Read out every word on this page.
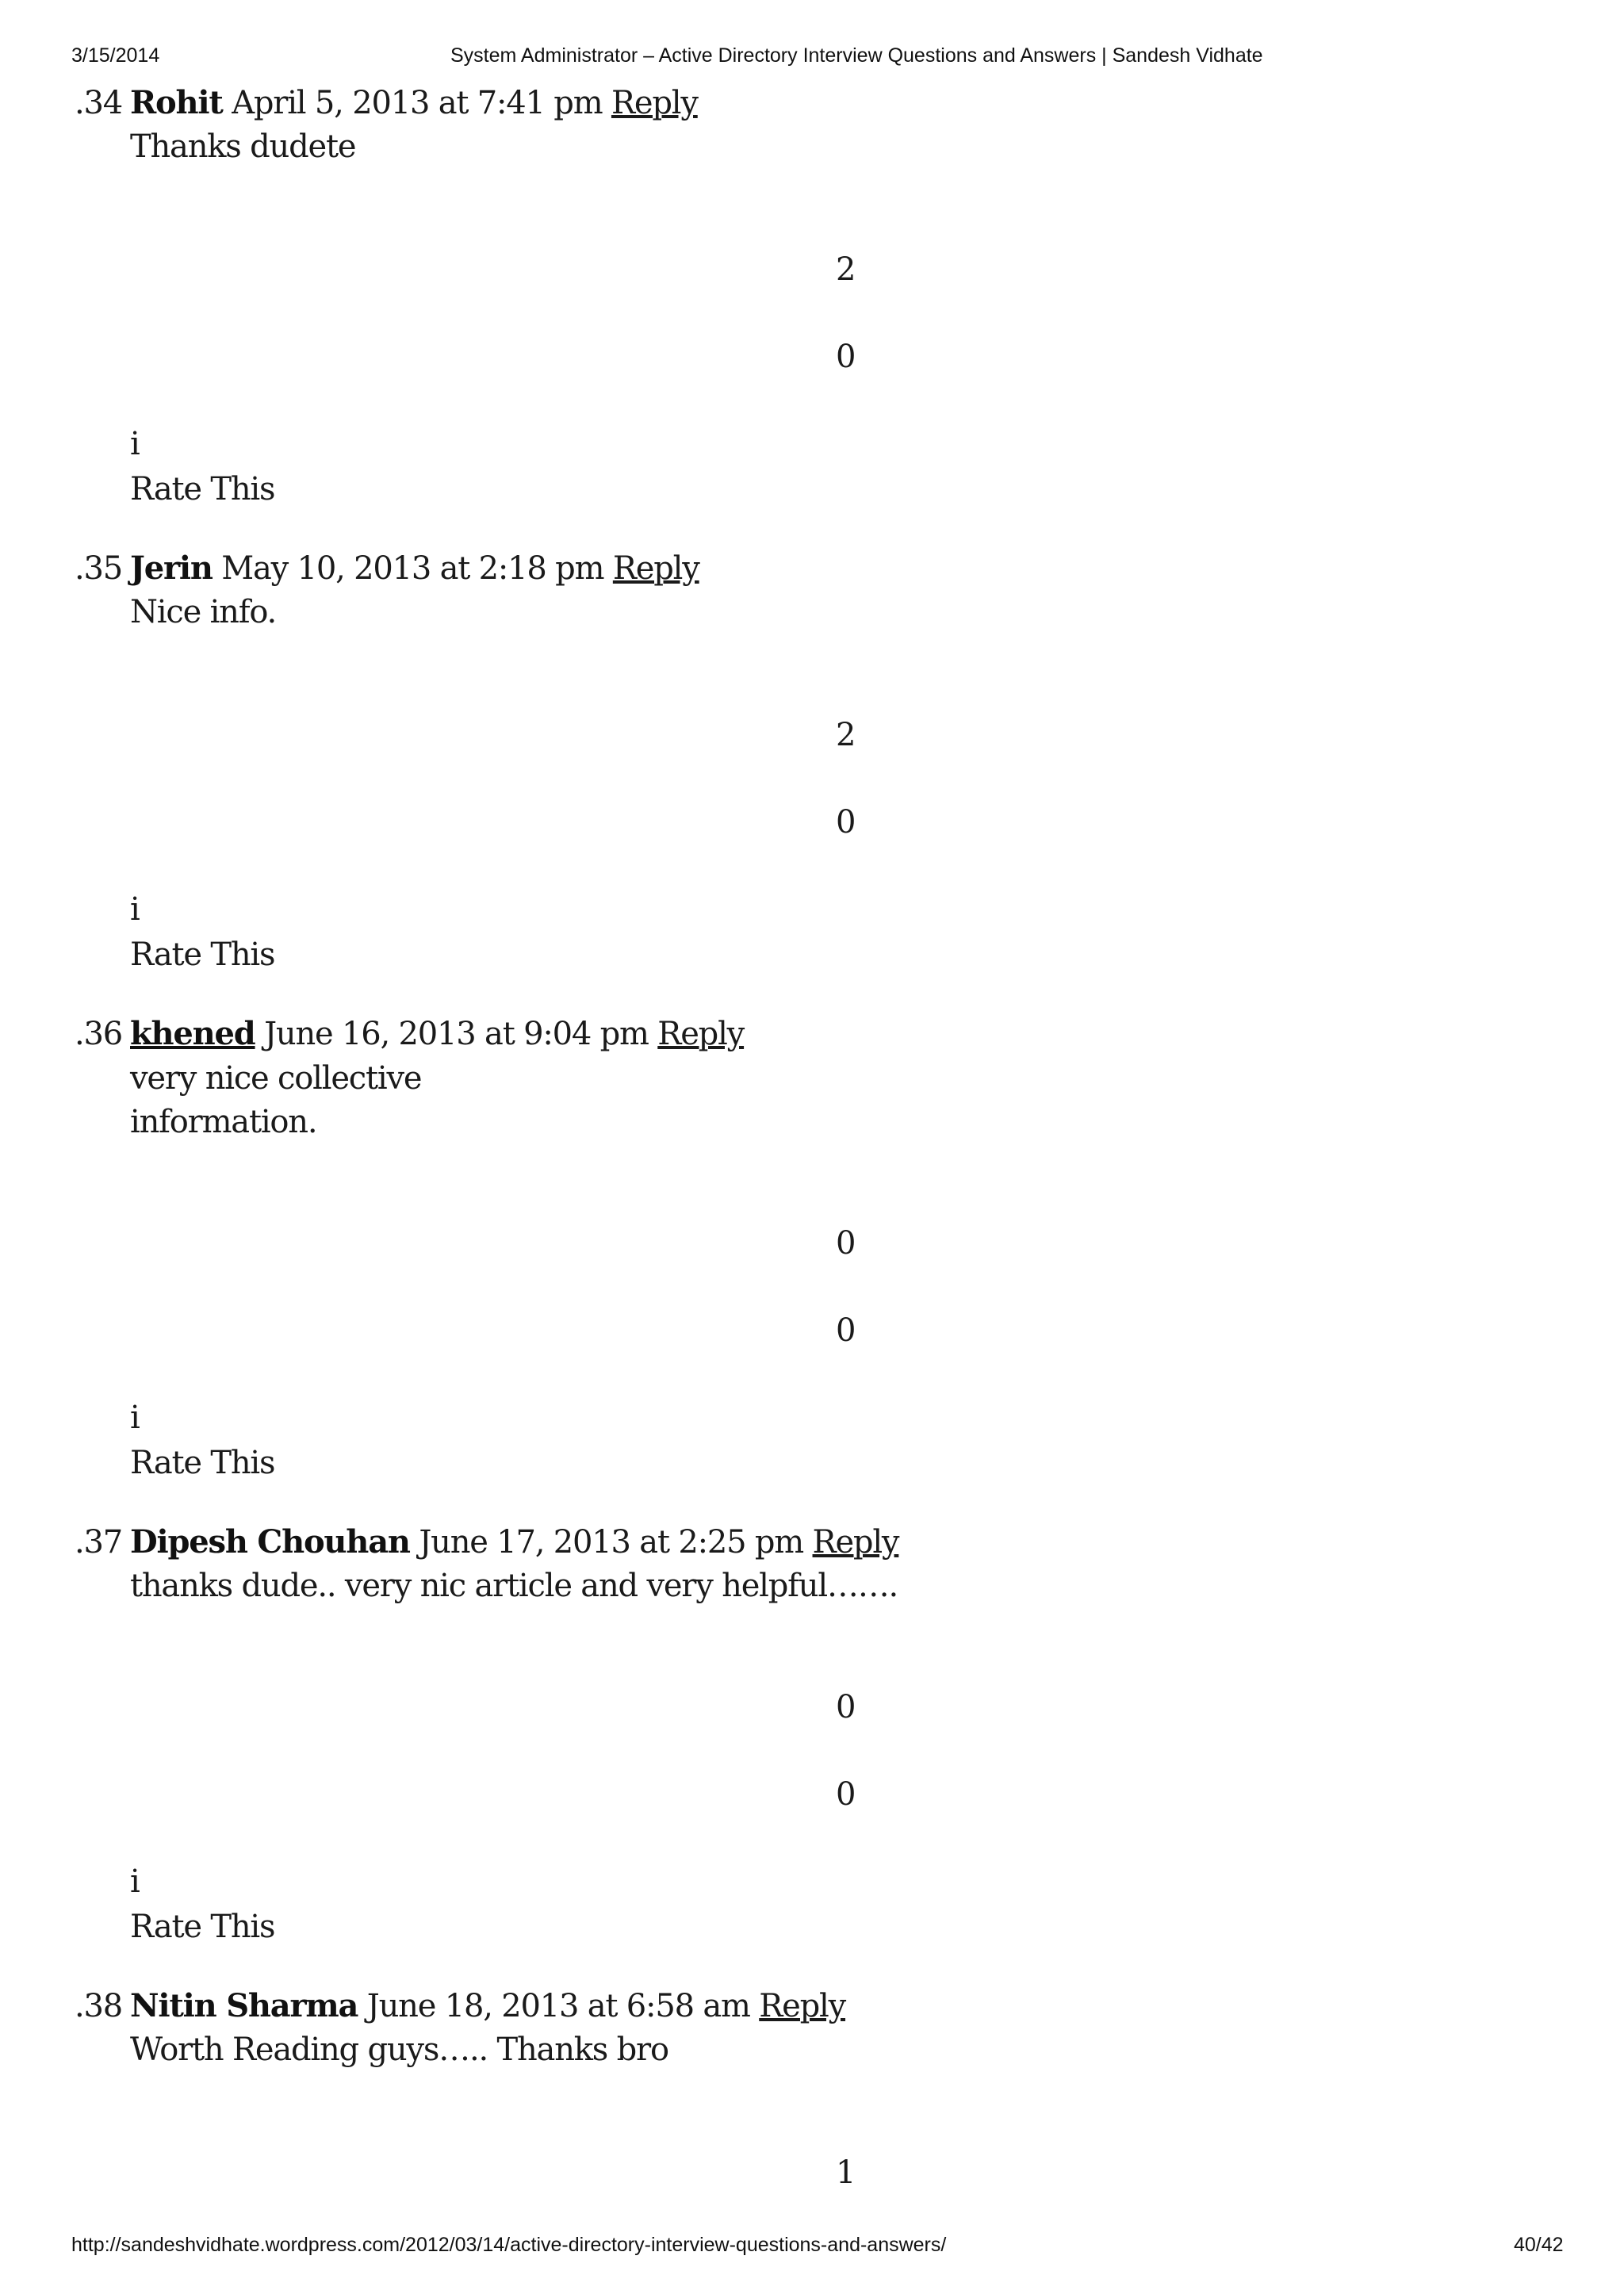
3/15/2014	System Administrator – Active Directory Interview Questions and Answers | Sandesh Vidhate
34. Rohit April 5, 2013 at 7:41 pm Reply
Thanks dudete
2
0
i
Rate This
35. Jerin May 10, 2013 at 2:18 pm Reply
Nice info.
2
0
i
Rate This
36. khened June 16, 2013 at 9:04 pm Reply
very nice collective
information.
0
0
i
Rate This
37. Dipesh Chouhan June 17, 2013 at 2:25 pm Reply
thanks dude.. very nic article and very helpful…….
0
0
i
Rate This
38. Nitin Sharma June 18, 2013 at 6:58 am Reply
Worth Reading guys….. Thanks bro
1
http://sandeshvidhate.wordpress.com/2012/03/14/active-directory-interview-questions-and-answers/	40/42
